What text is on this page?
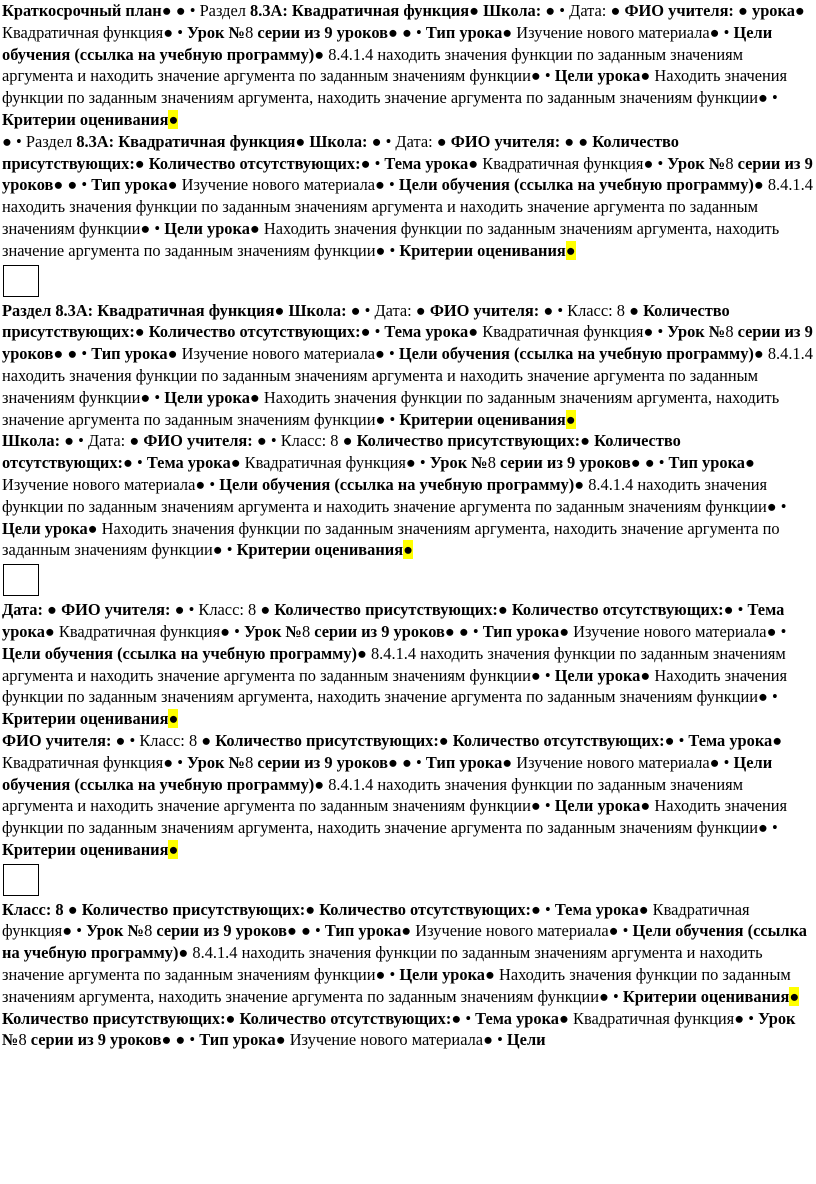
Краткосрочный план● ● • Раздел 8.3А: Квадратичная функция● Школа: ● • Дата: ● ФИО учителя: ● урока● Квадратичная функция● • Урок №8 серии из 9 уроков● ● • Тип урока● Изучение нового материала● • Цели обучения (ссылка на учебную программу)● 8.4.1.4 находить значения функции по заданным значениям аргумента и находить значение аргумента по заданным значениям функции● • Цели урока● Находить значения функции по заданным значениям аргумента, находить значение аргумента по заданным значениям функции● • Критерии оценивания●

● • Раздел 8.3А: Квадратичная функция● Школа: ● • Дата: ● ФИО учителя: ● ● Количество присутствующих:● Количество отсутствующих:● • Тема урока● Квадратичная функция● • Урок №8 серии из 9 уроков● ● • Тип урока● Изучение нового материала● • Цели обучения (ссылка на учебную программу)● 8.4.1.4 находить значения функции по заданным значениям аргумента и находить значение аргумента по заданным значениям функции● • Цели урока● Находить значения функции по заданным значениям аргумента, находить значение аргумента по заданным значениям функции● • Критерии оценивания●

Раздел 8.3А: Квадратичная функция● Школа: ● • Дата: ● ФИО учителя: ● • Класс: 8 ● Количество присутствующих:● Количество отсутствующих:● • Тема урока● Квадратичная функция● • Урок №8 серии из 9 уроков● ● • Тип урока● Изучение нового материала● • Цели обучения (ссылка на учебную программу)● 8.4.1.4 находить значения функции по заданным значениям аргумента и находить значение аргумента по заданным значениям функции● • Цели урока● Находить значения функции по заданным значениям аргумента, находить значение аргумента по заданным значениям функции● • Критерии оценивания●

Школа: ● • Дата: ● ФИО учителя: ● • Класс: 8 ● Количество присутствующих:● Количество отсутствующих:● • Тема урока● Квадратичная функция● • Урок №8 серии из 9 уроков● ● • Тип урока● Изучение нового материала● • Цели обучения (ссылка на учебную программу)● 8.4.1.4 находить значения функции по заданным значениям аргумента и находить значение аргумента по заданным значениям функции● • Цели урока● Находить значения функции по заданным значениям аргумента, находить значение аргумента по заданным значениям функции● • Критерии оценивания●

Дата: ● ФИО учителя: ● • Класс: 8 ● Количество присутствующих:● Количество отсутствующих:● • Тема урока● Квадратичная функция● • Урок №8 серии из 9 уроков● ● • Тип урока● Изучение нового материала● • Цели обучения (ссылка на учебную программу)● 8.4.1.4 находить значения функции по заданным значениям аргумента и находить значение аргумента по заданным значениям функции● • Цели урока● Находить значения функции по заданным значениям аргумента, находить значение аргумента по заданным значениям функции● • Критерии оценивания●

ФИО учителя: ● • Класс: 8 ● Количество присутствующих:● Количество отсутствующих:● • Тема урока● Квадратичная функция● • Урок №8 серии из 9 уроков● ● • Тип урока● Изучение нового материала● • Цели обучения (ссылка на учебную программу)● 8.4.1.4 находить значения функции по заданным значениям аргумента и находить значение аргумента по заданным значениям функции● • Цели урока● Находить значения функции по заданным значениям аргумента, находить значение аргумента по заданным значениям функции● • Критерии оценивания●

Класс: 8 ● Количество присутствующих:● Количество отсутствующих:● • Тема урока● Квадратичная функция● • Урок №8 серии из 9 уроков● ● • Тип урока● Изучение нового материала● • Цели обучения (ссылка на учебную программу)● 8.4.1.4 находить значения функции по заданным значениям аргумента и находить значение аргумента по заданным значениям функции● • Цели урока● Находить значения функции по заданным значениям аргумента, находить значение аргумента по заданным значениям функции● • Критерии оценивания●

Количество присутствующих:● Количество отсутствующих:● • Тема урока● Квадратичная функция● • Урок №8 серии из 9 уроков● ● • Тип урока● Изучение нового материала● • Цели
